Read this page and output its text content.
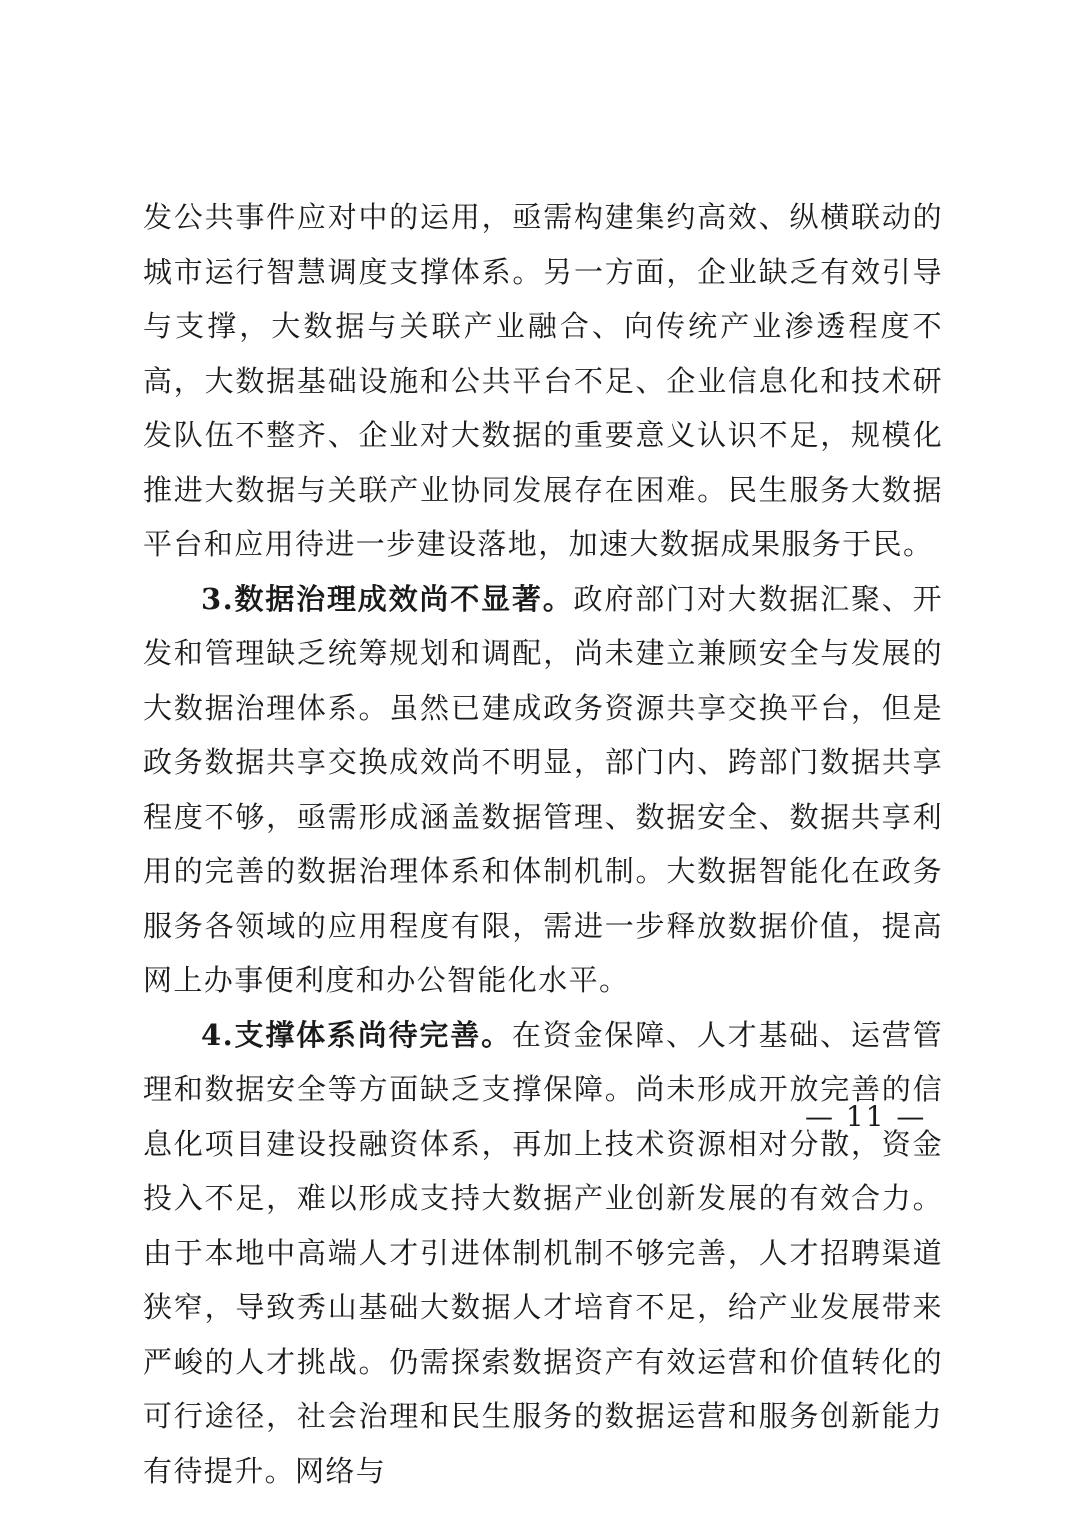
发公共事件应对中的运用，亟需构建集约高效、纵横联动的城市运行智慧调度支撑体系。另一方面，企业缺乏有效引导与支撑，大数据与关联产业融合、向传统产业渗透程度不高，大数据基础设施和公共平台不足、企业信息化和技术研发队伍不整齐、企业对大数据的重要意义认识不足，规模化推进大数据与关联产业协同发展存在困难。民生服务大数据平台和应用待进一步建设落地，加速大数据成果服务于民。

3.数据治理成效尚不显著。政府部门对大数据汇聚、开发和管理缺乏统筹规划和调配，尚未建立兼顾安全与发展的大数据治理体系。虽然已建成政务资源共享交换平台，但是政务数据共享交换成效尚不明显，部门内、跨部门数据共享程度不够，亟需形成涵盖数据管理、数据安全、数据共享利用的完善的数据治理体系和体制机制。大数据智能化在政务服务各领域的应用程度有限，需进一步释放数据价值，提高网上办事便利度和办公智能化水平。

4.支撑体系尚待完善。在资金保障、人才基础、运营管理和数据安全等方面缺乏支撑保障。尚未形成开放完善的信息化项目建设投融资体系，再加上技术资源相对分散，资金投入不足，难以形成支持大数据产业创新发展的有效合力。由于本地中高端人才引进体制机制不够完善，人才招聘渠道狭窄，导致秀山基础大数据人才培育不足，给产业发展带来严峻的人才挑战。仍需探索数据资产有效运营和价值转化的可行途径，社会治理和民生服务的数据运营和服务创新能力有待提升。网络与

— 11 —
